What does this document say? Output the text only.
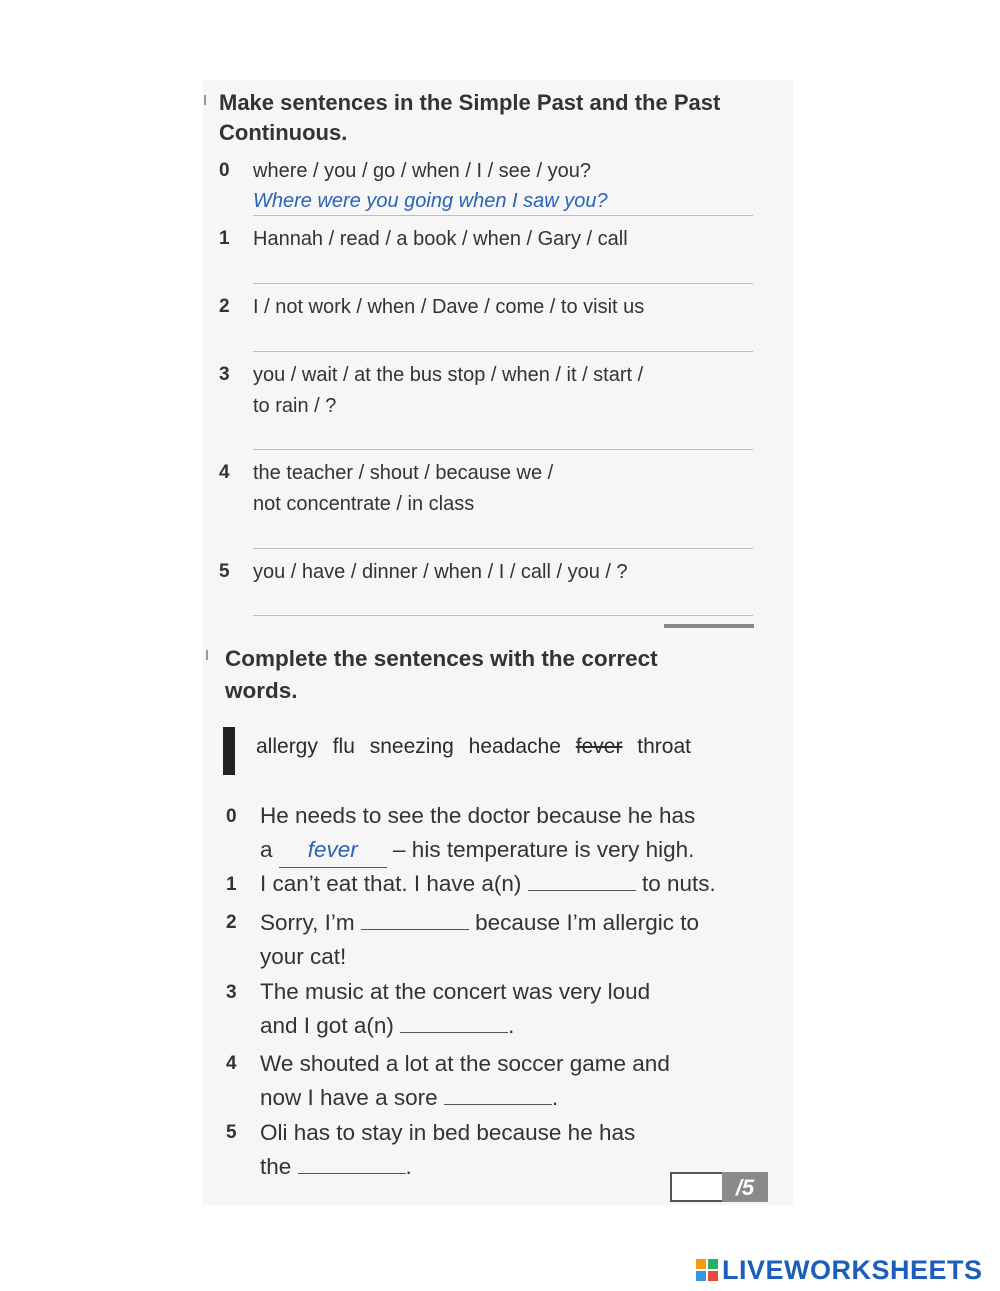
Make sentences in the Simple Past and the Past
Continuous.
0 where / you / go / when / I / see / you?
Where were you going when I saw you?
1 Hannah / read / a book / when / Gary / call
2 I / not work / when / Dave / come / to visit us
3 you / wait / at the bus stop / when / it / start /
to rain / ?
4 the teacher / shout / because we /
not concentrate / in class
5 you / have / dinner / when / I / call / you / ?
Complete the sentences with the correct
words.
allergy flu sneezing headache fever throat
0 He needs to see the doctor because he has
a fever – his temperature is very high.
1 I can’t eat that. I have a(n)	to nuts.
2 Sorry, I’m	because I’m allergic to
your cat!
3 The music at the concert was very loud
and I got a(n)	.
4 We shouted a lot at the soccer game and
now I have a sore	.
5 Oli has to stay in bed because he has
the	.
/5
LIVEWORKSHEETS
